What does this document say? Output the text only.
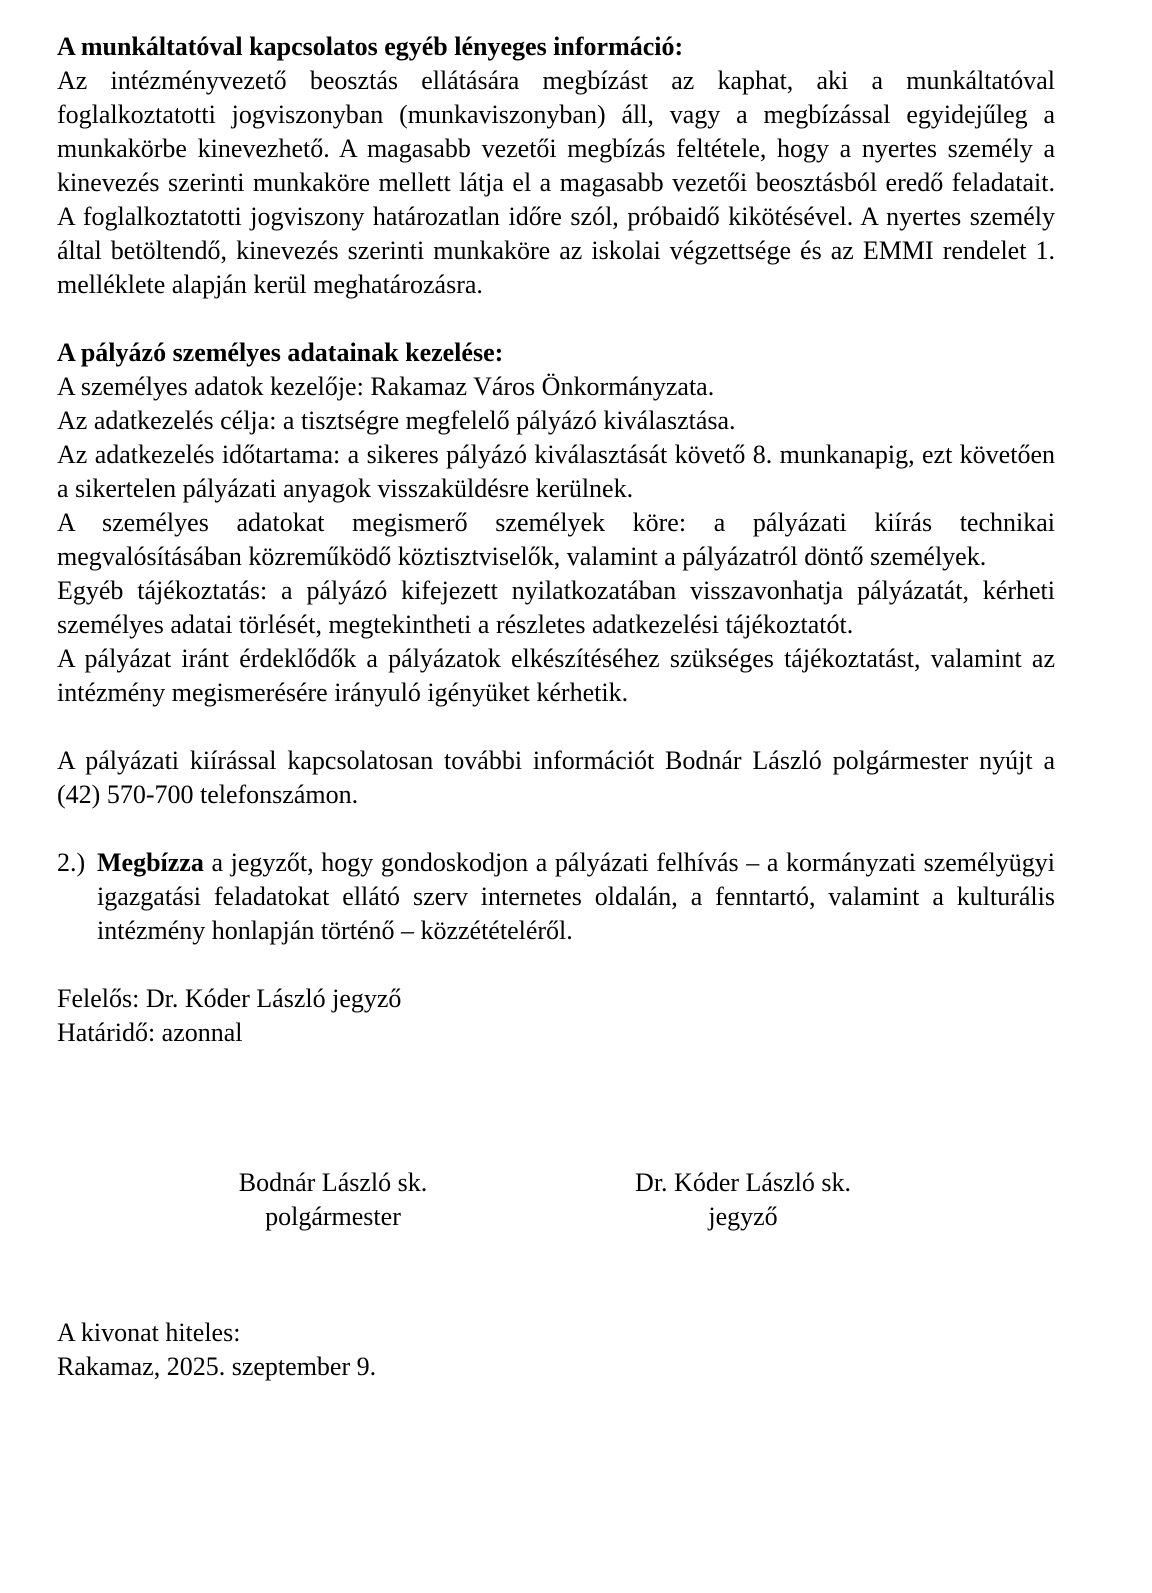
A munkáltatóval kapcsolatos egyéb lényeges információ:

Az intézményvezető beosztás ellátására megbízást az kaphat, aki a munkáltatóval foglalkoztatotti jogviszonyban (munkaviszonyban) áll, vagy a megbízással egyidejűleg a munkakörbe kinevezhető. A magasabb vezetői megbízás feltétele, hogy a nyertes személy a kinevezés szerinti munkaköre mellett látja el a magasabb vezetői beosztásból eredő feladatait. A foglalkoztatotti jogviszony határozatlan időre szól, próbaidő kikötésével. A nyertes személy által betöltendő, kinevezés szerinti munkaköre az iskolai végzettsége és az EMMI rendelet 1. melléklete alapján kerül meghatározásra.

A pályázó személyes adatainak kezelése:

A személyes adatok kezelője: Rakamaz Város Önkormányzata.

Az adatkezelés célja: a tisztségre megfelelő pályázó kiválasztása.

Az adatkezelés időtartama: a sikeres pályázó kiválasztását követő 8. munkanapig, ezt követően a sikertelen pályázati anyagok visszaküldésre kerülnek.

A személyes adatokat megismerő személyek köre: a pályázati kiírás technikai megvalósításában közreműködő köztisztviselők, valamint a pályázatról döntő személyek.

Egyéb tájékoztatás: a pályázó kifejezett nyilatkozatában visszavonhatja pályázatát, kérheti személyes adatai törlését, megtekintheti a részletes adatkezelési tájékoztatót.

A pályázat iránt érdeklődők a pályázatok elkészítéséhez szükséges tájékoztatást, valamint az intézmény megismerésére irányuló igényüket kérhetik.

A pályázati kiírással kapcsolatosan további információt Bodnár László polgármester nyújt a (42) 570-700 telefonszámon.

2.) Megbízza a jegyzőt, hogy gondoskodjon a pályázati felhívás – a kormányzati személyügyi igazgatási feladatokat ellátó szerv internetes oldalán, a fenntartó, valamint a kulturális intézmény honlapján történő – közzétételéről.

Felelős: Dr. Kóder László jegyző

Határidő: azonnal

Bodnár László sk.
polgármester
Dr. Kóder László sk.
jegyző
A kivonat hiteles:
Rakamaz, 2025. szeptember 9.
